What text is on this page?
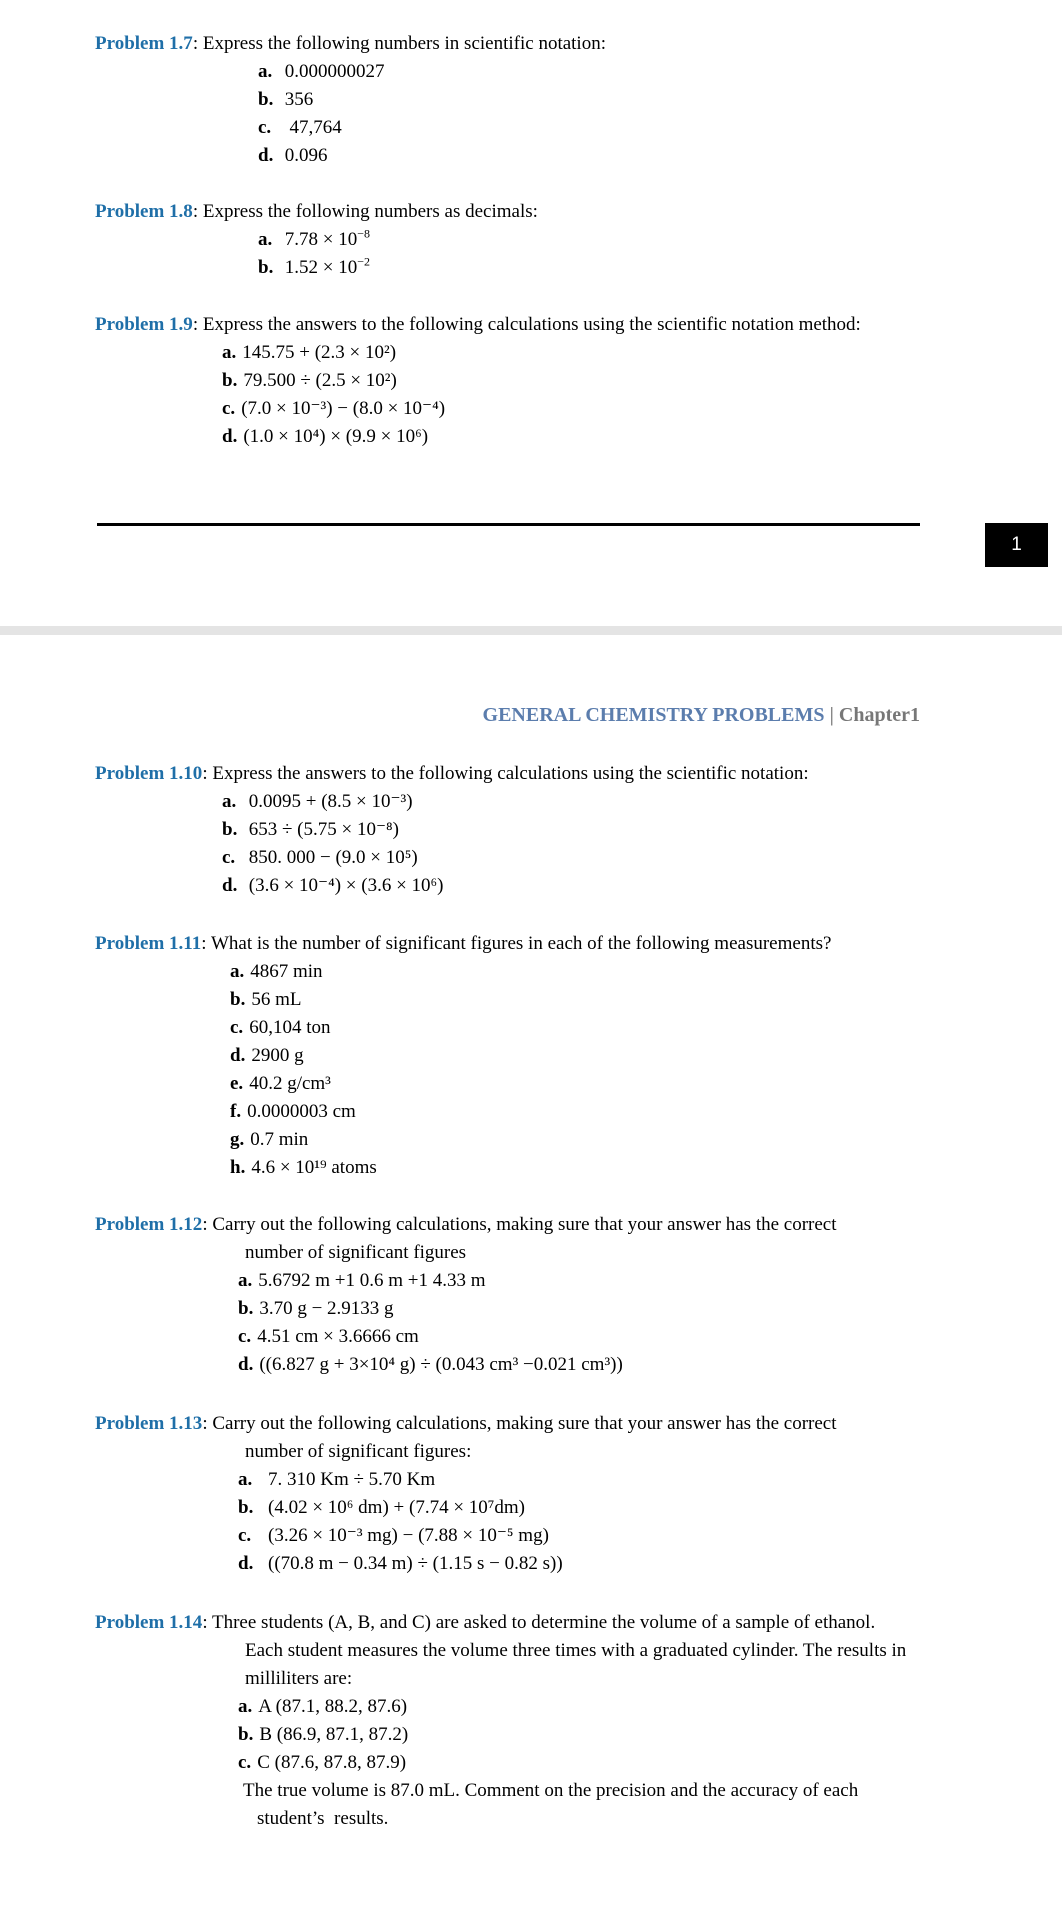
Problem 1.7: Express the following numbers in scientific notation:
a. 0.000000027
b. 356
c.  47,764
d. 0.096
Problem 1.8: Express the following numbers as decimals:
a. $7.78 \times 10^{-8}$
b. $1.52 \times 10^{-2}$
Problem 1.9: Express the answers to the following calculations using the scientific notation method:
a. 145.75 + (2.3 × 10²)
b. 79.500 ÷ (2.5 × 10²)
c. (7.0 × 10⁻³) − (8.0 × 10⁻⁴)
d. (1.0 × 10⁴) × (9.9 × 10⁶)
1
GENERAL CHEMISTRY PROBLEMS | Chapter1
Problem 1.10: Express the answers to the following calculations using the scientific notation:
a. 0.0095 + (8.5 × 10⁻³)
b. 653 ÷ (5.75 × 10⁻⁸)
c. 850. 000 − (9.0 × 10⁵)
d. (3.6 × 10⁻⁴) × (3.6 × 10⁶)
Problem 1.11: What is the number of significant figures in each of the following measurements?
a. 4867 min
b. 56 mL
c. 60,104 ton
d. 2900 g
e. 40.2 g/cm³
f. 0.0000003 cm
g. 0.7 min
h. 4.6 × 10¹⁹ atoms
Problem 1.12: Carry out the following calculations, making sure that your answer has the correct
number of significant figures
a. 5.6792 m +1 0.6 m +1 4.33 m
b. 3.70 g − 2.9133 g
c. 4.51 cm × 3.6666 cm
d. ((6.827 g + 3×10⁴ g) ÷ (0.043 cm³ −0.021 cm³))
Problem 1.13: Carry out the following calculations, making sure that your answer has the correct
number of significant figures:
a. 7. 310 Km ÷ 5.70 Km
b. (4.02 × 10⁶ dm) + (7.74 × 10⁷dm)
c. (3.26 × 10⁻³ mg) − (7.88 × 10⁻⁵ mg)
d. ((70.8 m − 0.34 m) ÷ (1.15 s − 0.82 s))
Problem 1.14: Three students (A, B, and C) are asked to determine the volume of a sample of ethanol.
Each student measures the volume three times with a graduated cylinder. The results in
milliliters are:
a. A (87.1, 88.2, 87.6)
b. B (86.9, 87.1, 87.2)
c. C (87.6, 87.8, 87.9)
The true volume is 87.0 mL. Comment on the precision and the accuracy of each
student’s  results.
